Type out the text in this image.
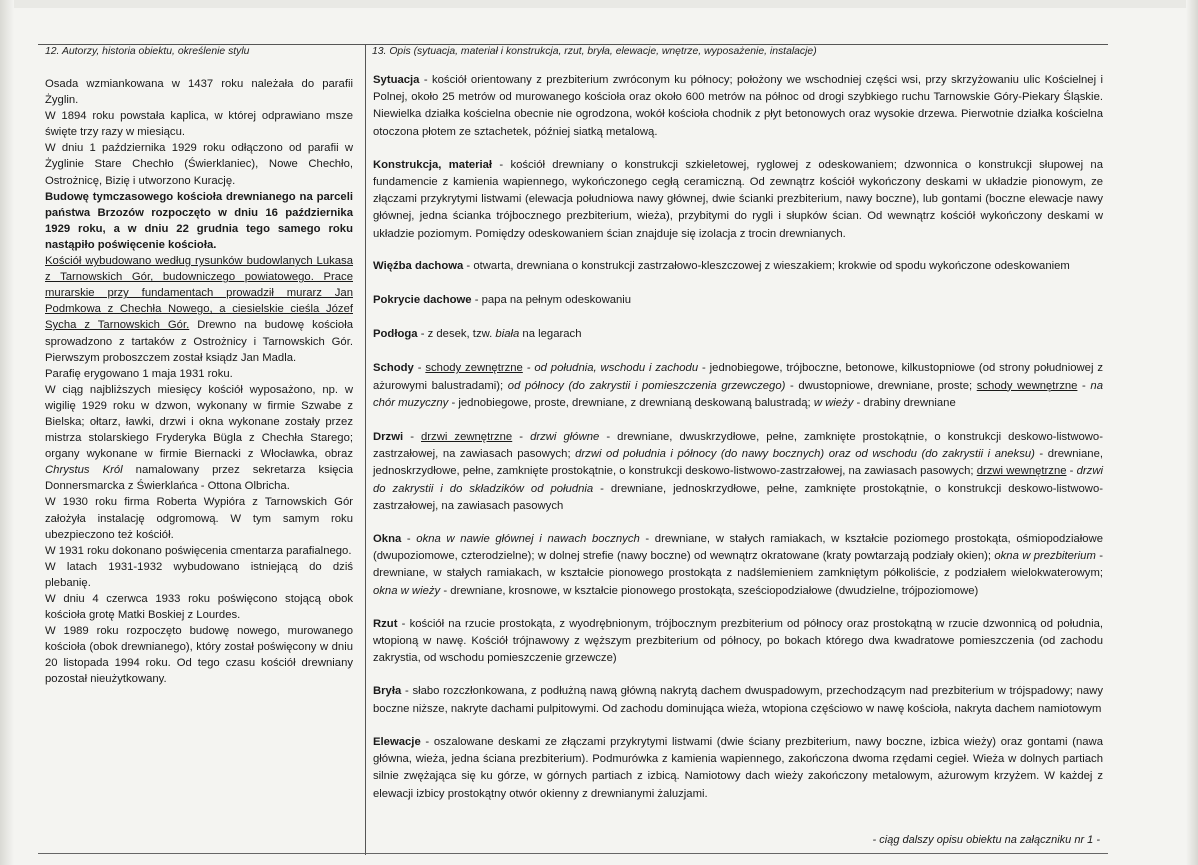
12. Autorzy, historia obiektu, określenie stylu	13. Opis (sytuacja, materiał i konstrukcja, rzut, bryła, elewacje, wnętrze, wyposażenie, instalacje)

Osada wzmiankowana w 1437 roku należała do parafii Żyglin.

W 1894 roku powstała kaplica, w której odprawiano msze święte trzy razy w miesiącu.

W dniu 1 października 1929 roku odłączono od parafii w Żyglinie Stare Chechło (Świerklaniec), Nowe Chechło, Ostrożnicę, Bizię i utworzono Kurację.

Budowę tymczasowego kościoła drewnianego na parceli państwa Brzozów rozpoczęto w dniu 16 października 1929 roku, a w dniu 22 grudnia tego samego roku nastąpiło poświęcenie kościoła.

Kościół wybudowano według rysunków budowlanych Lukasa z Tarnowskich Gór, budowniczego powiatowego. Prace murarskie przy fundamentach prowadził murarz Jan Podmkowa z Chechła Nowego, a ciesielskie cieśla Józef Sycha z Tarnowskich Gór. Drewno na budowę kościoła sprowadzono z tartaków z Ostrożnicy i Tarnowskich Gór. Pierwszym proboszczem został ksiądz Jan Madla.

Parafię erygowano 1 maja 1931 roku.

W ciąg najbliższych miesięcy kościół wyposażono, np. w wigilię 1929 roku w dzwon, wykonany w firmie Szwabe z Bielska; ołtarz, ławki, drzwi i okna wykonane zostały przez mistrza stolarskiego Fryderyka Bügla z Chechła Starego; organy wykonane w firmie Biernacki z Włocławka, obraz Chrystus Król namalowany przez sekretarza księcia Donnersmarcka z Świerklańca - Ottona Olbricha.

W 1930 roku firma Roberta Wypióra z Tarnowskich Gór założyła instalację odgromową. W tym samym roku ubezpieczono też kościół.

W 1931 roku dokonano poświęcenia cmentarza parafialnego.

W latach 1931-1932 wybudowano istniejącą do dziś plebanię.

W dniu 4 czerwca 1933 roku poświęcono stojącą obok kościoła grotę Matki Boskiej z Lourdes.

W 1989 roku rozpoczęto budowę nowego, murowanego kościoła (obok drewnianego), który został poświęcony w dniu 20 listopada 1994 roku. Od tego czasu kościół drewniany pozostał nieużytkowany.

Sytuacja - kościół orientowany z prezbiterium zwróconym ku północy; położony we wschodniej części wsi, przy skrzyżowaniu ulic Kościelnej i Polnej, około 25 metrów od murowanego kościoła oraz około 600 metrów na północ od drogi szybkiego ruchu Tarnowskie Góry-Piekary Śląskie. Niewielka działka kościelna obecnie nie ogrodzona, wokół kościoła chodnik z płyt betonowych oraz wysokie drzewa. Pierwotnie działka kościelna otoczona płotem ze sztachetek, później siatką metalową.

Konstrukcja, materiał - kościół drewniany o konstrukcji szkieletowej, ryglowej z odeskowaniem; dzwonnica o konstrukcji słupowej na fundamencie z kamienia wapiennego, wykończonego cegłą ceramiczną. Od zewnątrz kościół wykończony deskami w układzie pionowym, ze złączami przykrytymi listwami (elewacja południowa nawy głównej, dwie ścianki prezbiterium, nawy boczne), lub gontami (boczne elewacje nawy głównej, jedna ścianka trójbocznego prezbiterium, wieża), przybitymi do rygli i słupków ścian. Od wewnątrz kościół wykończony deskami w układzie poziomym. Pomiędzy odeskowaniem ścian znajduje się izolacja z trocin drewnianych.

Więźba dachowa - otwarta, drewniana o konstrukcji zastrzałowo-kleszczowej z wieszakiem; krokwie od spodu wykończone odeskowaniem

Pokrycie dachowe - papa na pełnym odeskowaniu

Podłoga - z desek, tzw. biała na legarach

Schody - schody zewnętrzne - od południa, wschodu i zachodu - jednobiegowe, trójboczne, betonowe, kilkustopniowe (od strony południowej z ażurowymi balustradami); od północy (do zakrystii i pomieszczenia grzewczego) - dwustopniowe, drewniane, proste; schody wewnętrzne - na chór muzyczny - jednobiegowe, proste, drewniane, z drewnianą deskowaną balustradą; w wieży - drabiny drewniane

Drzwi - drzwi zewnętrzne - drzwi główne - drewniane, dwuskrzydłowe, pełne, zamknięte prostokątnie, o konstrukcji deskowo-listwowo-zastrzałowej, na zawiasach pasowych; drzwi od południa i północy (do nawy bocznych) oraz od wschodu (do zakrystii i aneksu) - drewniane, jednoskrzydłowe, pełne, zamknięte prostokątnie, o konstrukcji deskowo-listwowo-zastrzałowej, na zawiasach pasowych; drzwi wewnętrzne - drzwi do zakrystii i do składzików od południa - drewniane, jednoskrzydłowe, pełne, zamknięte prostokątnie, o konstrukcji deskowo-listwowo-zastrzałowej, na zawiasach pasowych

Okna - okna w nawie głównej i nawach bocznych - drewniane, w stałych ramiakach, w kształcie poziomego prostokąta, ośmiopodziałowe (dwupoziomowe, czterodzielne); w dolnej strefie (nawy boczne) od wewnątrz okratowane (kraty powtarzają podziały okien); okna w prezbiterium - drewniane, w stałych ramiakach, w kształcie pionowego prostokąta z nadślemieniem zamkniętym półkoliście, z podziałem wielokwaterowym; okna w wieży - drewniane, krosnowe, w kształcie pionowego prostokąta, sześciopodziałowe (dwudzielne, trójpoziomowe)

Rzut - kościół na rzucie prostokąta, z wyodrębnionym, trójbocznym prezbiterium od północy oraz prostokątną w rzucie dzwonnicą od południa, wtopioną w nawę. Kościół trójnawowy z węższym prezbiterium od północy, po bokach którego dwa kwadratowe pomieszczenia (od zachodu zakrystia, od wschodu pomieszczenie grzewcze)

Bryła - słabo rozczłonkowana, z podłużną nawą główną nakrytą dachem dwuspadowym, przechodzącym nad prezbiterium w trójspadowy; nawy boczne niższe, nakryte dachami pulpitowymi. Od zachodu dominująca wieża, wtopiona częściowo w nawę kościoła, nakryta dachem namiotowym

Elewacje - oszalowane deskami ze złączami przykrytymi listwami (dwie ściany prezbiterium, nawy boczne, izbica wieży) oraz gontami (nawa główna, wieża, jedna ściana prezbiterium). Podmurówka z kamienia wapiennego, zakończona dwoma rzędami cegieł. Wieża w dolnych partiach silnie zwężająca się ku górze, w górnych partiach z izbicą. Namiotowy dach wieży zakończony metalowym, ażurowym krzyżem. W każdej z elewacji izbicy prostokątny otwór okienny z drewnianymi żaluzjami.

- ciąg dalszy opisu obiektu na załączniku nr 1 -
